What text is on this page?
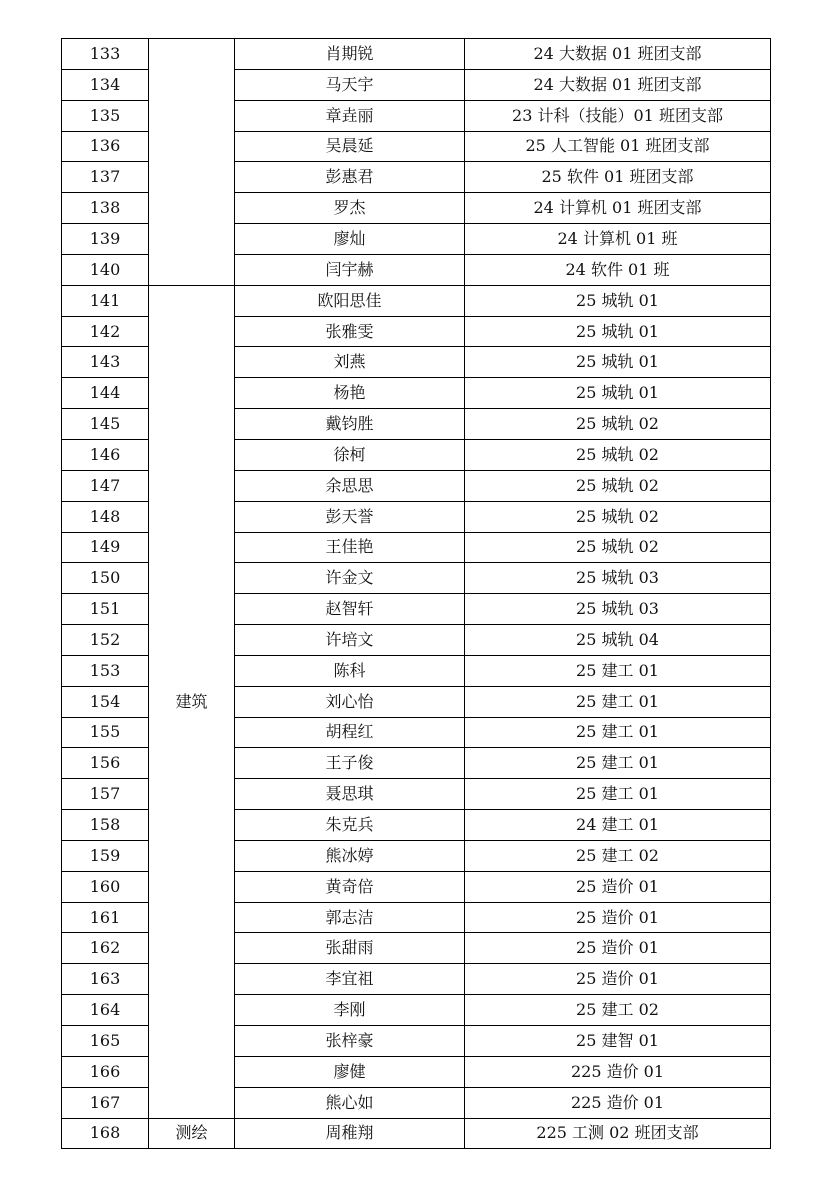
133		肖期锐	24 大数据 01 班团支部
134		马天宇	24 大数据 01 班团支部
135		章垚丽	23 计科（技能）01 班团支部
136		吴晨延	25 人工智能 01 班团支部
137		彭惠君	25 软件 01 班团支部
138		罗杰	24 计算机 01 班团支部
139		廖灿	24 计算机 01 班
140		闫宇赫	24 软件 01 班
141	建筑	欧阳思佳	25 城轨 01
142		张雅雯	25 城轨 01
143		刘燕	25 城轨 01
144		杨艳	25 城轨 01
145		戴钧胜	25 城轨 02
146		徐柯	25 城轨 02
147		余思思	25 城轨 02
148		彭天誉	25 城轨 02
149		王佳艳	25 城轨 02
150		许金文	25 城轨 03
151		赵智轩	25 城轨 03
152		许培文	25 城轨 04
153		陈科	25 建工 01
154		刘心怡	25 建工 01
155		胡程红	25 建工 01
156		王子俊	25 建工 01
157		聂思琪	25 建工 01
158		朱克兵	24 建工 01
159		熊冰婷	25 建工 02
160		黄奇倍	25 造价 01
161		郭志洁	25 造价 01
162		张甜雨	25 造价 01
163		李宜祖	25 造价 01
164		李刚	25 建工 02
165		张梓豪	25 建智 01
166		廖健	225 造价 01
167		熊心如	225 造价 01
168	测绘	周稚翔	225 工测 02 班团支部
